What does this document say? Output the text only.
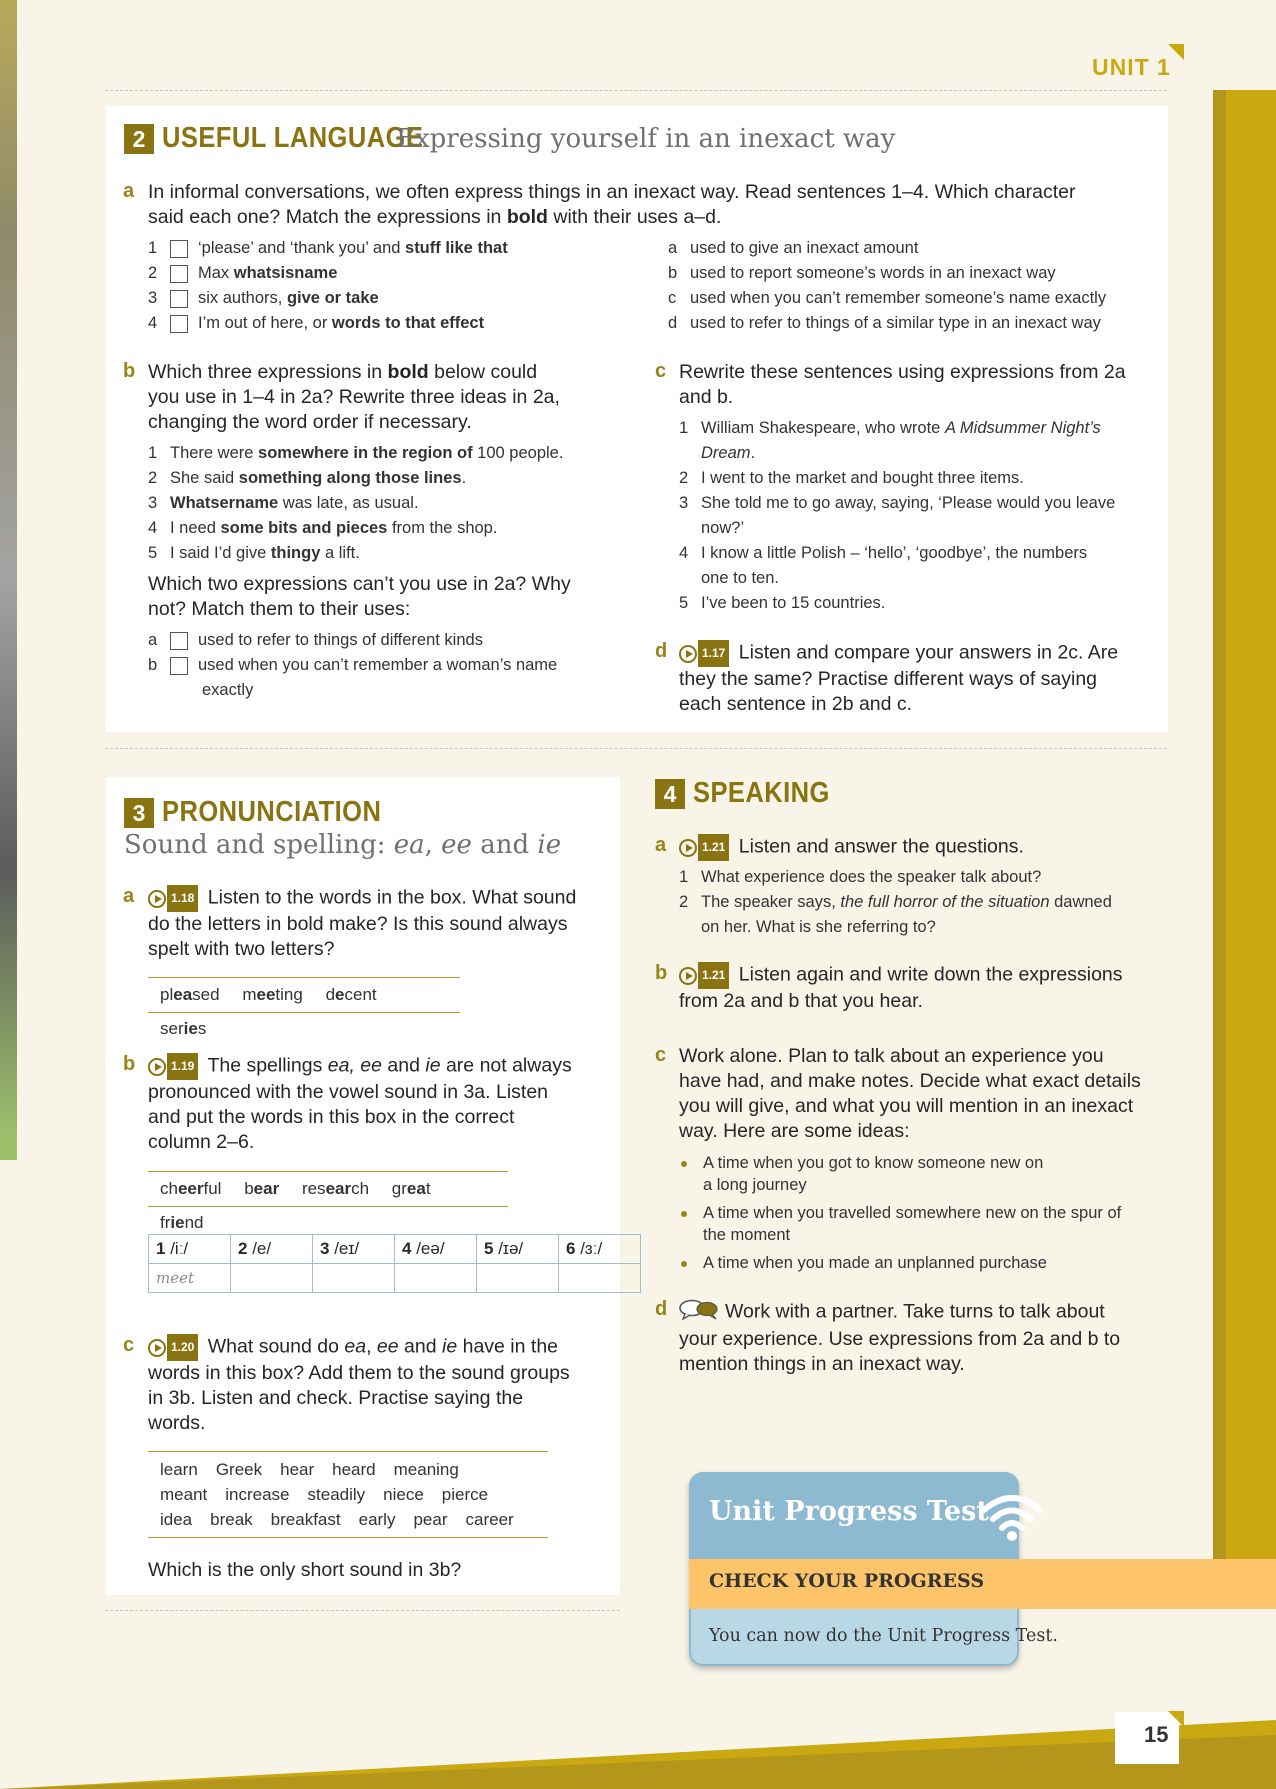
UNIT 1
2 USEFUL LANGUAGE
Expressing yourself in an inexact way
a In informal conversations, we often express things in an inexact way. Read sentences 1–4. Which character
said each one? Match the expressions in bold with their uses a–d.
1 ‘please’ and ‘thank you’ and stuff like that
2 Max whatsisname
3 six authors, give or take
4 I’m out of here, or words to that effect
a used to give an inexact amount
b used to report someone’s words in an inexact way
c used when you can’t remember someone’s name exactly
d used to refer to things of a similar type in an inexact way
b Which three expressions in bold below could
you use in 1–4 in 2a? Rewrite three ideas in 2a,
changing the word order if necessary.
1 There were somewhere in the region of 100 people.
2 She said something along those lines.
3 Whatsername was late, as usual.
4 I need some bits and pieces from the shop.
5 I said I’d give thingy a lift.
Which two expressions can’t you use in 2a? Why
not? Match them to their uses:
a used to refer to things of different kinds
b used when you can’t remember a woman’s name
exactly
c Rewrite these sentences using expressions from 2a
and b.
1 William Shakespeare, who wrote A Midsummer Night’s
Dream.
2 I went to the market and bought three items.
3 She told me to go away, saying, ‘Please would you leave
now?’
4 I know a little Polish – ‘hello’, ‘goodbye’, the numbers
one to ten.
5 I’ve been to 15 countries.
d	1.17 Listen and compare your answers in 2c. Are
they the same? Practise different ways of saying
each sentence in 2b and c.
3 PRONUNCIATION
Sound and spelling: ea, ee and ie
a	1.18 Listen to the words in the box. What sound
do the letters in bold make? Is this sound always
spelt with two letters?
pleased meeting decent series
b	1.19 The spellings ea, ee and ie are not always
pronounced with the vowel sound in 3a. Listen
and put the words in this box in the correct
column 2–6.
cheerful bear research great friend
1 /iː/	2 /e/	3 /eɪ/	4 /eə/	5 /ɪə/	6 /ɜː/
meet					
c	1.20 What sound do ea, ee and ie have in the
words in this box? Add them to the sound groups
in 3b. Listen and check. Practise saying the
words.
learn Greek hear heard meaning
meant increase steadily niece pierce
idea break breakfast early pear career
Which is the only short sound in 3b?
4 SPEAKING
a	1.21 Listen and answer the questions.
1 What experience does the speaker talk about?
2 The speaker says, the full horror of the situation dawned
on her. What is she referring to?
b	1.21 Listen again and write down the expressions
from 2a and b that you hear.
c Work alone. Plan to talk about an experience you
have had, and make notes. Decide what exact details
you will give, and what you will mention in an inexact
way. Here are some ideas:
A time when you got to know someone new on
a long journey
A time when you travelled somewhere new on the spur of
the moment
A time when you made an unplanned purchase
d	Work with a partner. Take turns to talk about
your experience. Use expressions from 2a and b to
mention things in an inexact way.
Unit Progress Test
CHECK YOUR PROGRESS
You can now do the Unit Progress Test.
15
